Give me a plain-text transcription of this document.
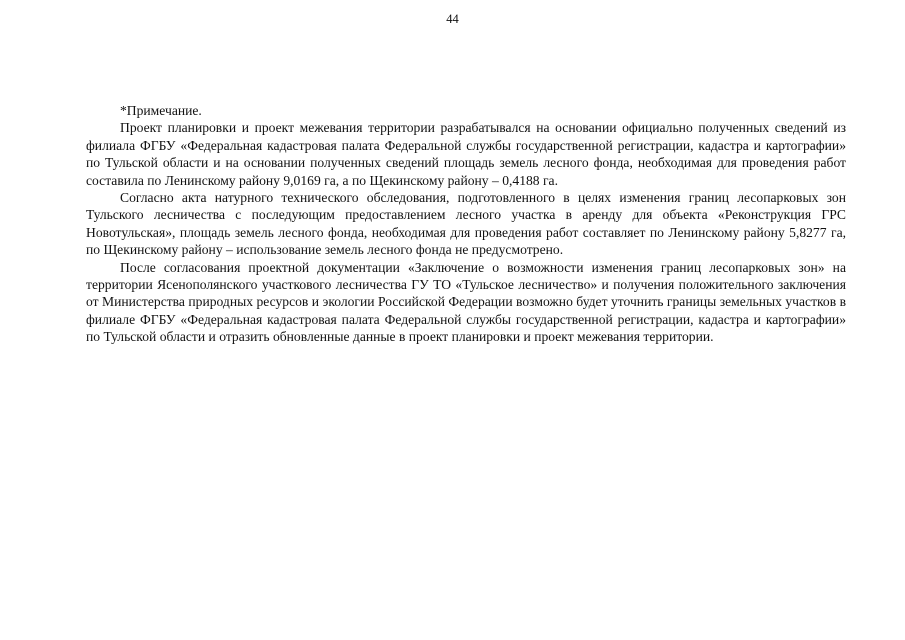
44

*Примечание.

Проект планировки и проект межевания территории разрабатывался на основании официально полученных сведений из филиала ФГБУ «Федеральная кадастровая палата Федеральной службы государственной регистрации, кадастра и картографии» по Тульской области и на основании полученных сведений площадь земель лесного фонда, необходимая для проведения работ составила по Ленинскому району 9,0169 га, а по Щекинскому району – 0,4188 га.

Согласно акта натурного технического обследования, подготовленного в целях изменения границ лесопарковых зон Тульского лесничества с последующим предоставлением лесного участка в аренду для объекта «Реконструкция ГРС Новотульская», площадь земель лесного фонда, необходимая для проведения работ составляет по Ленинскому району 5,8277 га, по Щекинскому району – использование земель лесного фонда не предусмотрено.

После согласования проектной документации «Заключение о возможности изменения границ лесопарковых зон» на территории Ясенополянского участкового лесничества ГУ ТО «Тульское лесничество» и получения положительного заключения от Министерства природных ресурсов и экологии Российской Федерации возможно будет уточнить границы земельных участков в филиале ФГБУ «Федеральная кадастровая палата Федеральной службы государственной регистрации, кадастра и картографии» по Тульской области и отразить обновленные данные в проект планировки и проект межевания территории.
